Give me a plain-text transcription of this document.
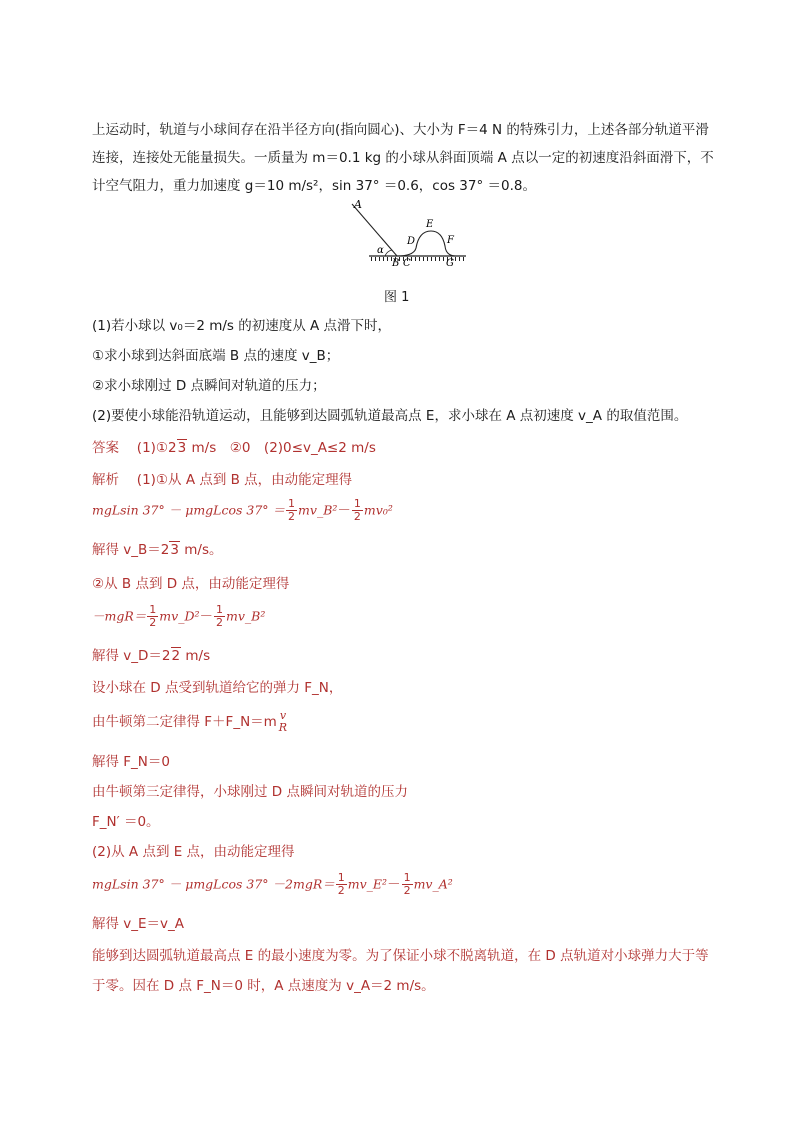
上运动时，轨道与小球间存在沿半径方向(指向圆心)、大小为 F＝4 N 的特殊引力，上述各部分轨道平滑
连接，连接处无能量损失。一质量为 m＝0.1 kg 的小球从斜面顶端 A 点以一定的初速度沿斜面滑下，不
计空气阻力，重力加速度 g＝10 m/s²，sin 37° ＝0.6，cos 37° ＝0.8。
A
α
B C
D
E
F
G
图 1
(1)若小球以 v₀＝2 m/s 的初速度从 A 点滑下时，
①求小球到达斜面底端 B 点的速度 v_B；
②求小球刚过 D 点瞬间对轨道的压力；
(2)要使小球能沿轨道运动，且能够到达圆弧轨道最高点 E，求小球在 A 点初速度 v_A 的取值范围。
答案　 (1)①23 m/s　②0　(2)0≤v_A≤2 m/s
解析　 (1)①从 A 点到 B 点，由动能定理得
mgLsin 37° － μmgLcos $37^\circ = \frac{1}{2}$ mv_B²－ $\frac{1}{2} mv_0^2$
解得 v_B＝23 m/s。
②从 B 点到 D 点，由动能定理得
$-mgR= \frac{1}{2}$ mv_D²－ $\frac{1}{2}$ mv_B²
解得 v_D＝22 m/s
设小球在 D 点受到轨道给它的弹力 F_N，
由牛顿第二定律得 F＋F_N＝m v
R
解得 F_N＝0
由牛顿第三定律得，小球刚过 D 点瞬间对轨道的压力
F_N′ ＝0。
(2)从 A 点到 E 点，由动能定理得
mgLsin 37° － μmgLcos $37^\circ -2mgR= \frac{1}{2}$ mv_E²－ $\frac{1}{2}$ mv_A²
解得 v_E＝v_A
能够到达圆弧轨道最高点 E 的最小速度为零。为了保证小球不脱离轨道，在 D 点轨道对小球弹力大于等
于零。因在 D 点 F_N＝0 时，A 点速度为 v_A＝2 m/s。
